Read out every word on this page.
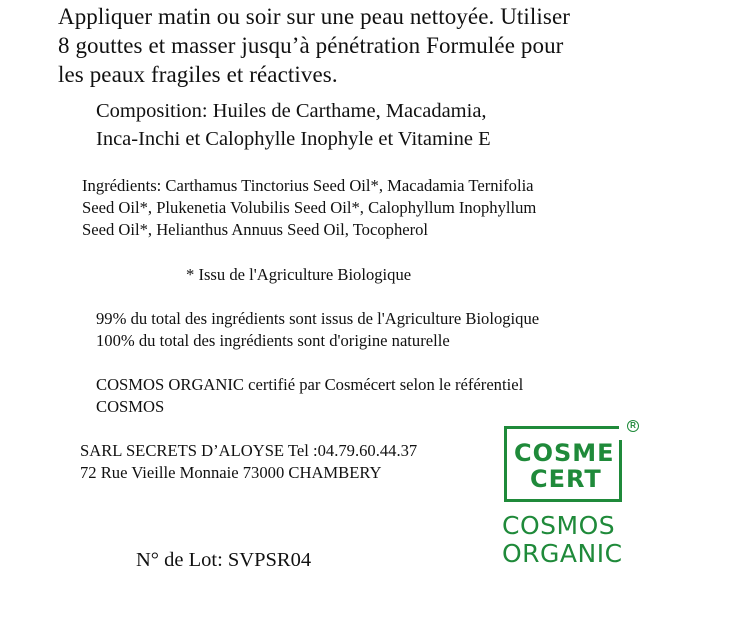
Appliquer matin ou soir sur une peau nettoyée. Utiliser
8 gouttes et masser jusqu’à pénétration Formulée pour
les peaux fragiles et réactives.
Composition: Huiles de Carthame, Macadamia,
Inca-Inchi et Calophylle Inophyle et Vitamine E
Ingrédients: Carthamus Tinctorius Seed Oil*, Macadamia Ternifolia
Seed Oil*, Plukenetia Volubilis Seed Oil*, Calophyllum Inophyllum
Seed Oil*, Helianthus Annuus Seed Oil, Tocopherol
* Issu de l'Agriculture Biologique
99% du total des ingrédients sont issus de l'Agriculture Biologique
100% du total des ingrédients sont d'origine naturelle
COSMOS ORGANIC certifié par Cosmécert selon le référentiel
COSMOS
SARL SECRETS D’ALOYSE Tel :04.79.60.44.37
72 Rue Vieille Monnaie 73000 CHAMBERY
N° de Lot: SVPSR04
R
COSME
CERT
COSMOS
ORGANIC
